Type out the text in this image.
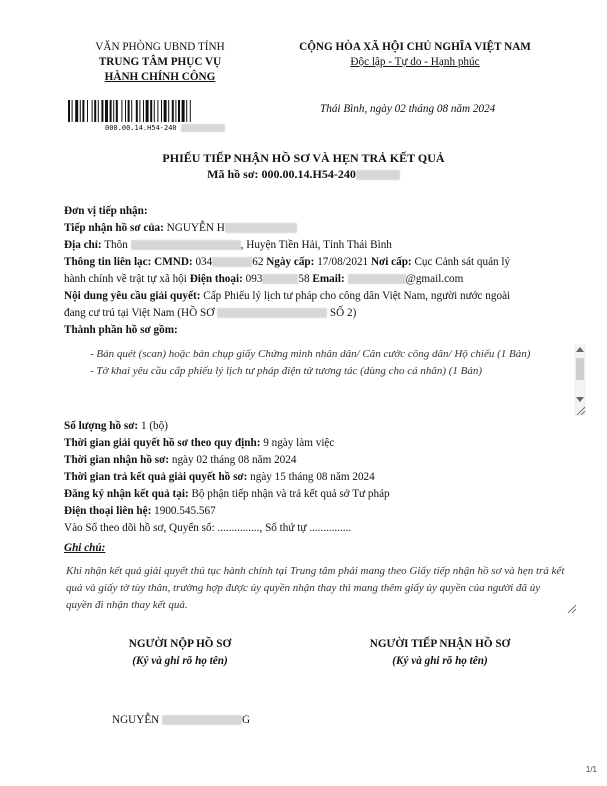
VĂN PHÒNG UBND TỈNH
TRUNG TÂM PHỤC VỤ
HÀNH CHÍNH CÔNG
CỘNG HÒA XÃ HỘI CHỦ NGHĨA VIỆT NAM
Độc lập - Tự do - Hạnh phúc
Thái Bình, ngày 02 tháng 08 năm 2024
000.00.14.H54-240
PHIẾU TIẾP NHẬN HỒ SƠ VÀ HẸN TRẢ KẾT QUẢ
Mã hồ sơ: 000.00.14.H54-240
Đơn vị tiếp nhận:
Tiếp nhận hồ sơ của: NGUYỄN H
Địa chỉ: Thôn	, Huyện Tiền Hải, Tỉnh Thái Bình
Thông tin liên lạc: CMND: 034	62 Ngày cấp: 17/08/2021 Nơi cấp: Cục Cảnh sát quản lý
hành chính về trật tự xã hội Điện thoại: 093	58 Email:	@gmail.com
Nội dung yêu cầu giải quyết: Cấp Phiếu lý lịch tư pháp cho công dân Việt Nam, người nước ngoài
đang cư trú tại Việt Nam (HỒ SƠ	SỐ 2)
Thành phần hồ sơ gồm:
- Bản quét (scan) hoặc bản chụp giấy Chứng minh nhân dân/ Căn cước công dân/ Hộ chiếu (1 Bản)
- Tờ khai yêu cầu cấp phiếu lý lịch tư pháp điện tử tương tác (dùng cho cá nhân) (1 Bản)
Số lượng hồ sơ: 1 (bộ)
Thời gian giải quyết hồ sơ theo quy định: 9 ngày làm việc
Thời gian nhận hồ sơ: ngày 02 tháng 08 năm 2024
Thời gian trả kết quả giải quyết hồ sơ: ngày 15 tháng 08 năm 2024
Đăng ký nhận kết quả tại: Bộ phận tiếp nhận và trả kết quả sở Tư pháp
Điện thoại liên hệ: 1900.545.567
Vào Sổ theo dõi hồ sơ, Quyển số: ..............., Số thứ tự ...............
Ghi chú:
Khi nhận kết quả giải quyết thủ tục hành chính tại Trung tâm phải mang theo Giấy tiếp nhận hồ sơ và hẹn trả kết quả và giấy tờ tùy thân, trường hợp được ủy quyền nhận thay thì mang thêm giấy ủy quyền của người đã ủy quyền đi nhận thay kết quả.
NGƯỜI NỘP HỒ SƠ
(Ký và ghi rõ họ tên)
NGƯỜI TIẾP NHẬN HỒ SƠ
(Ký và ghi rõ họ tên)
NGUYỄN	G
1/1
